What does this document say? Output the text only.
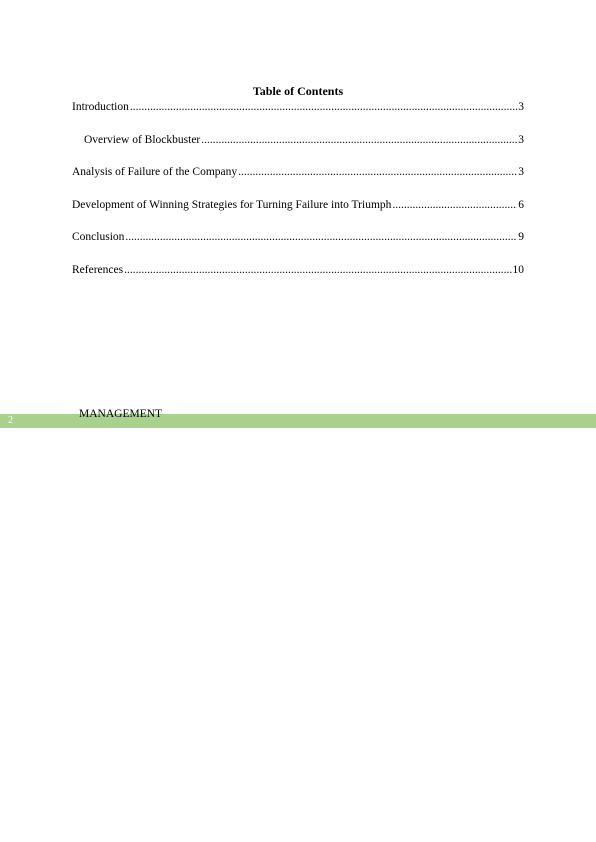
Table of Contents
Introduction .....	3
Overview of Blockbuster .....	3
Analysis of Failure of the Company .....	3
Development of Winning Strategies for Turning Failure into Triumph .....	6
Conclusion .....	9
References .....	10
2
MANAGEMENT
